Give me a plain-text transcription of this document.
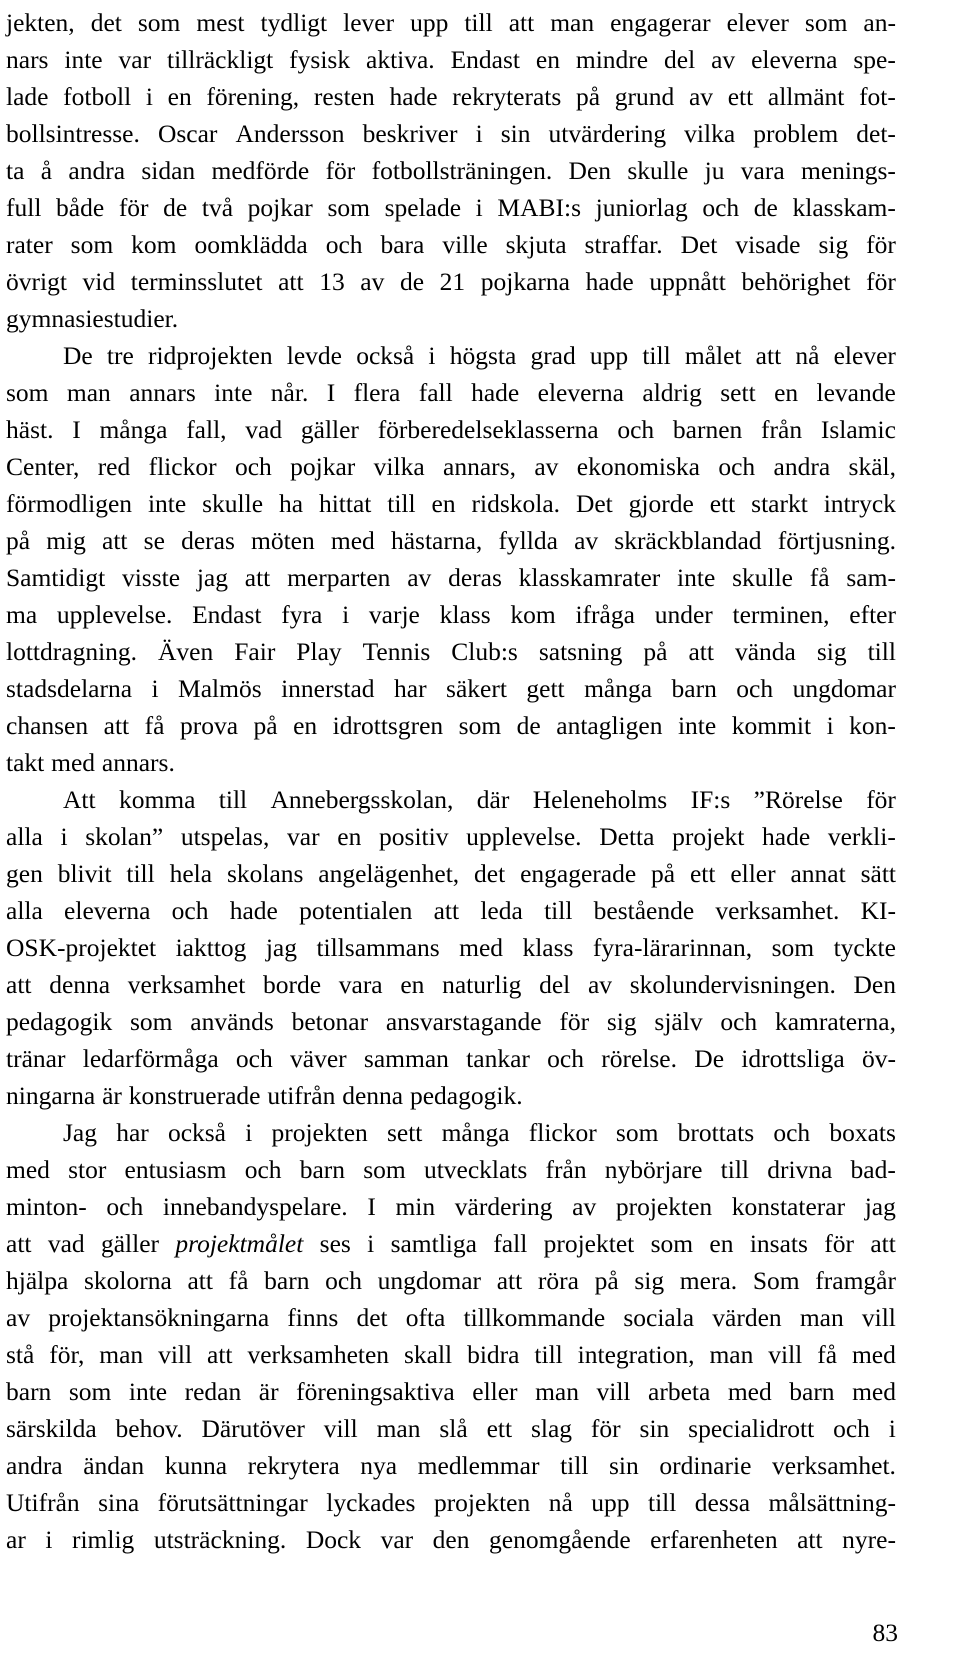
jekten, det som mest tydligt lever upp till att man engagerar elever som an-
nars inte var tillräckligt fysisk aktiva. Endast en mindre del av eleverna spe-
lade fotboll i en förening, resten hade rekryterats på grund av ett allmänt fot-
bollsintresse. Oscar Andersson beskriver i sin utvärdering vilka problem det-
ta å andra sidan medförde för fotbollsträningen. Den skulle ju vara menings-
full både för de två pojkar som spelade i MABI:s juniorlag och de klasskam-
rater som kom oomklädda och bara ville skjuta straffar. Det visade sig för
övrigt vid terminsslutet att 13 av de 21 pojkarna hade uppnått behörighet för
gymnasiestudier.
De tre ridprojekten levde också i högsta grad upp till målet att nå elever
som man annars inte når. I flera fall hade eleverna aldrig sett en levande
häst. I många fall, vad gäller förberedelseklasserna och barnen från Islamic
Center, red flickor och pojkar vilka annars, av ekonomiska och andra skäl,
förmodligen inte skulle ha hittat till en ridskola. Det gjorde ett starkt intryck
på mig att se deras möten med hästarna, fyllda av skräckblandad förtjusning.
Samtidigt visste jag att merparten av deras klasskamrater inte skulle få sam-
ma upplevelse. Endast fyra i varje klass kom ifråga under terminen, efter
lottdragning. Även Fair Play Tennis Club:s satsning på att vända sig till
stadsdelarna i Malmös innerstad har säkert gett många barn och ungdomar
chansen att få prova på en idrottsgren som de antagligen inte kommit i kon-
takt med annars.
Att komma till Annebergsskolan, där Heleneholms IF:s ”Rörelse för
alla i skolan” utspelas, var en positiv upplevelse. Detta projekt hade verkli-
gen blivit till hela skolans angelägenhet, det engagerade på ett eller annat sätt
alla eleverna och hade potentialen att leda till bestående verksamhet. KI-
OSK-projektet iakttog jag tillsammans med klass fyra-lärarinnan, som tyckte
att denna verksamhet borde vara en naturlig del av skolundervisningen. Den
pedagogik som används betonar ansvarstagande för sig själv och kamraterna,
tränar ledarförmåga och väver samman tankar och rörelse. De idrottsliga öv-
ningarna är konstruerade utifrån denna pedagogik.
Jag har också i projekten sett många flickor som brottats och boxats
med stor entusiasm och barn som utvecklats från nybörjare till drivna bad-
minton- och innebandyspelare. I min värdering av projekten konstaterar jag
att vad gäller projektmålet ses i samtliga fall projektet som en insats för att
hjälpa skolorna att få barn och ungdomar att röra på sig mera. Som framgår
av projektansökningarna finns det ofta tillkommande sociala värden man vill
stå för, man vill att verksamheten skall bidra till integration, man vill få med
barn som inte redan är föreningsaktiva eller man vill arbeta med barn med
särskilda behov. Därutöver vill man slå ett slag för sin specialidrott och i
andra ändan kunna rekrytera nya medlemmar till sin ordinarie verksamhet.
Utifrån sina förutsättningar lyckades projekten nå upp till dessa målsättning-
ar i rimlig utsträckning. Dock var den genomgående erfarenheten att nyre-
83
